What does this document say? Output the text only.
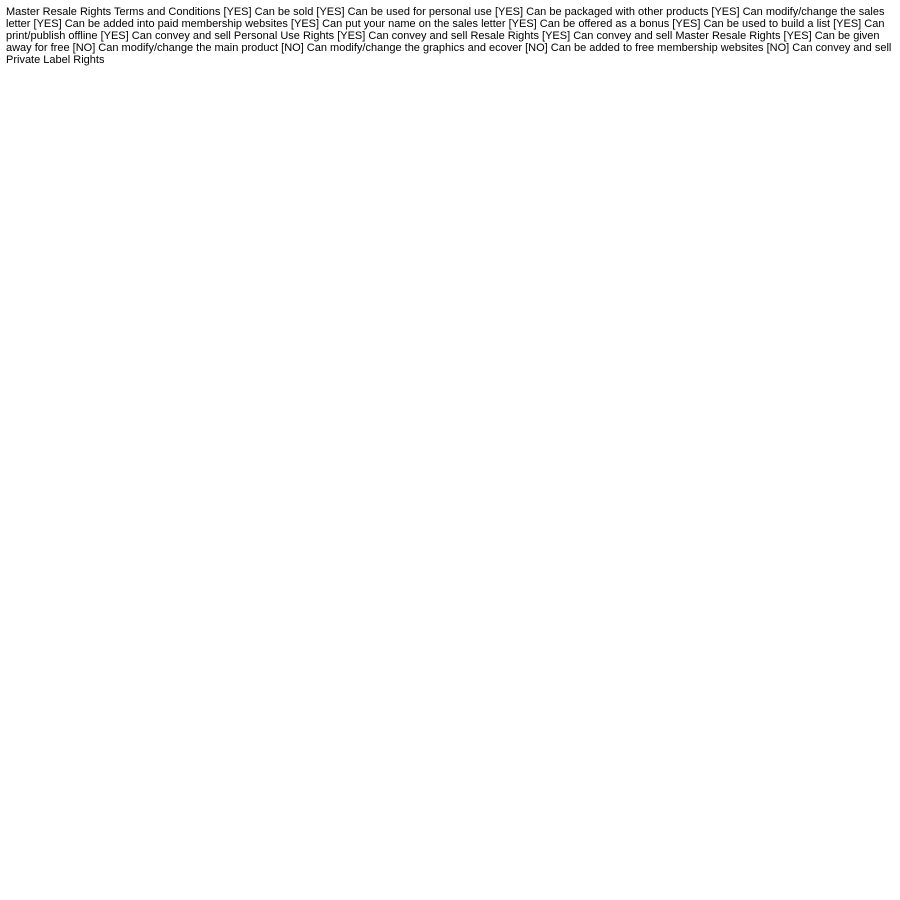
Master Resale Rights Terms and Conditions [YES] Can be sold [YES] Can be used for personal use [YES] Can be packaged with other products [YES] Can modify/change the sales letter [YES] Can be added into paid membership websites [YES] Can put your name on the sales letter [YES] Can be offered as a bonus [YES] Can be used to build a list [YES] Can print/publish offline [YES] Can convey and sell Personal Use Rights [YES] Can convey and sell Resale Rights [YES] Can convey and sell Master Resale Rights [YES] Can be given away for free [NO] Can modify/change the main product [NO] Can modify/change the graphics and ecover [NO] Can be added to free membership websites [NO] Can convey and sell Private Label Rights
